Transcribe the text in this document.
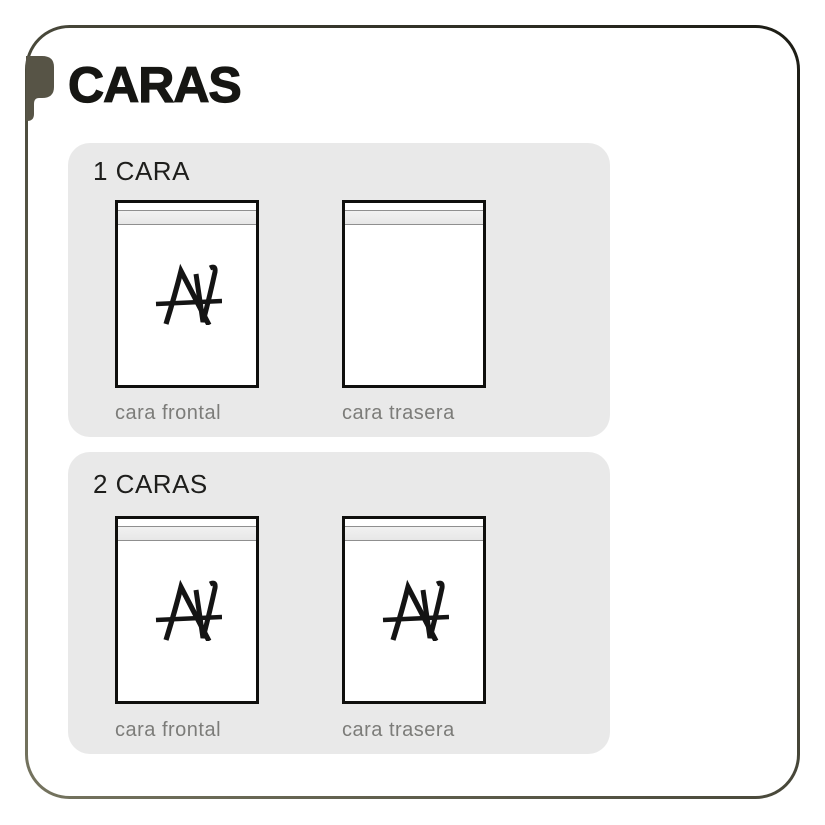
CARAS
1 CARA
cara frontal	cara trasera
2 CARAS
cara frontal	cara trasera
